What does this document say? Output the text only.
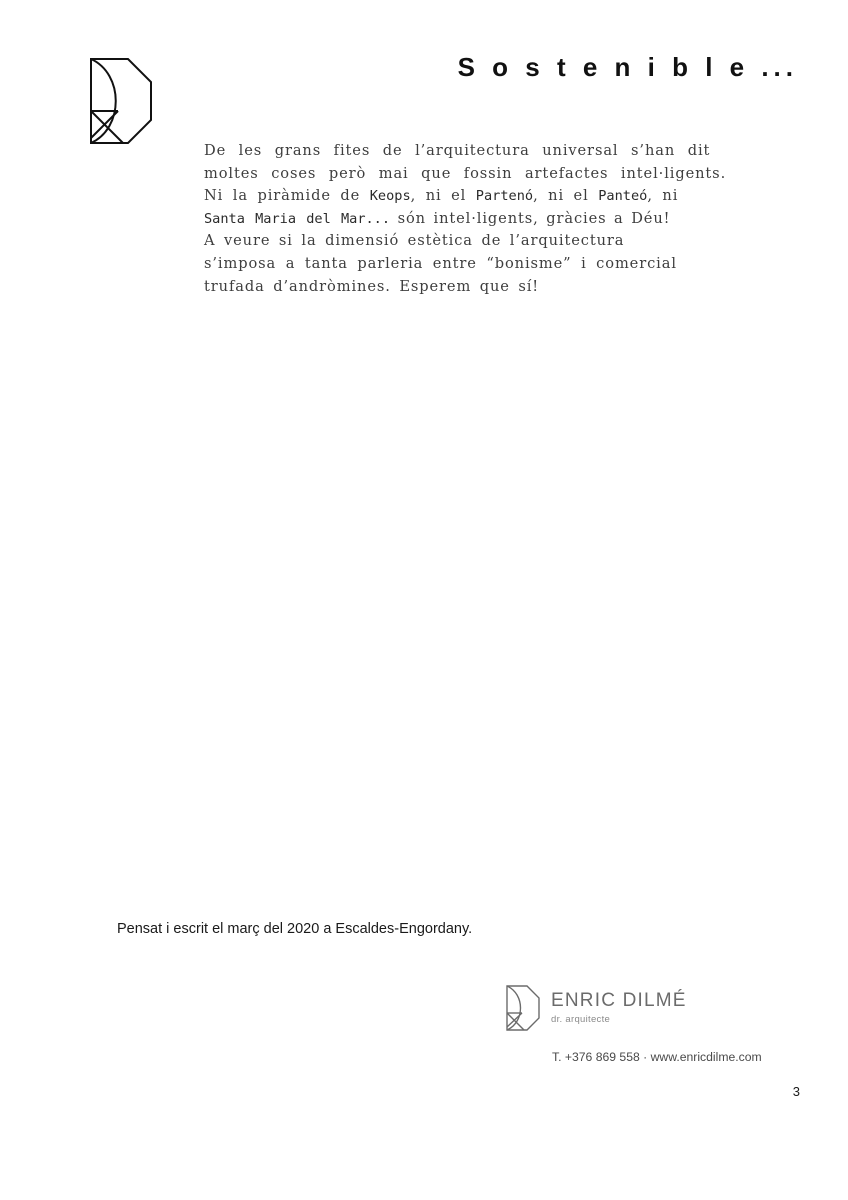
S o s t e n i b l e ...
De les grans fites de l’arquitectura universal s’han dit
moltes coses però mai que fossin artefactes intel·ligents.
Ni la piràmide de Keops, ni el Partenó, ni el Panteó, ni
Santa Maria del Mar... són intel·ligents, gràcies a Déu!
A veure si la dimensió estètica de l’arquitectura
s’imposa a tanta parleria entre “bonisme” i comercial
trufada d’andròmines. Esperem que sí!
Pensat i escrit el març del 2020 a Escaldes-Engordany.
ENRIC DILMÉ
dr. arquitecte
T. +376 869 558 · www.enricdilme.com
3
